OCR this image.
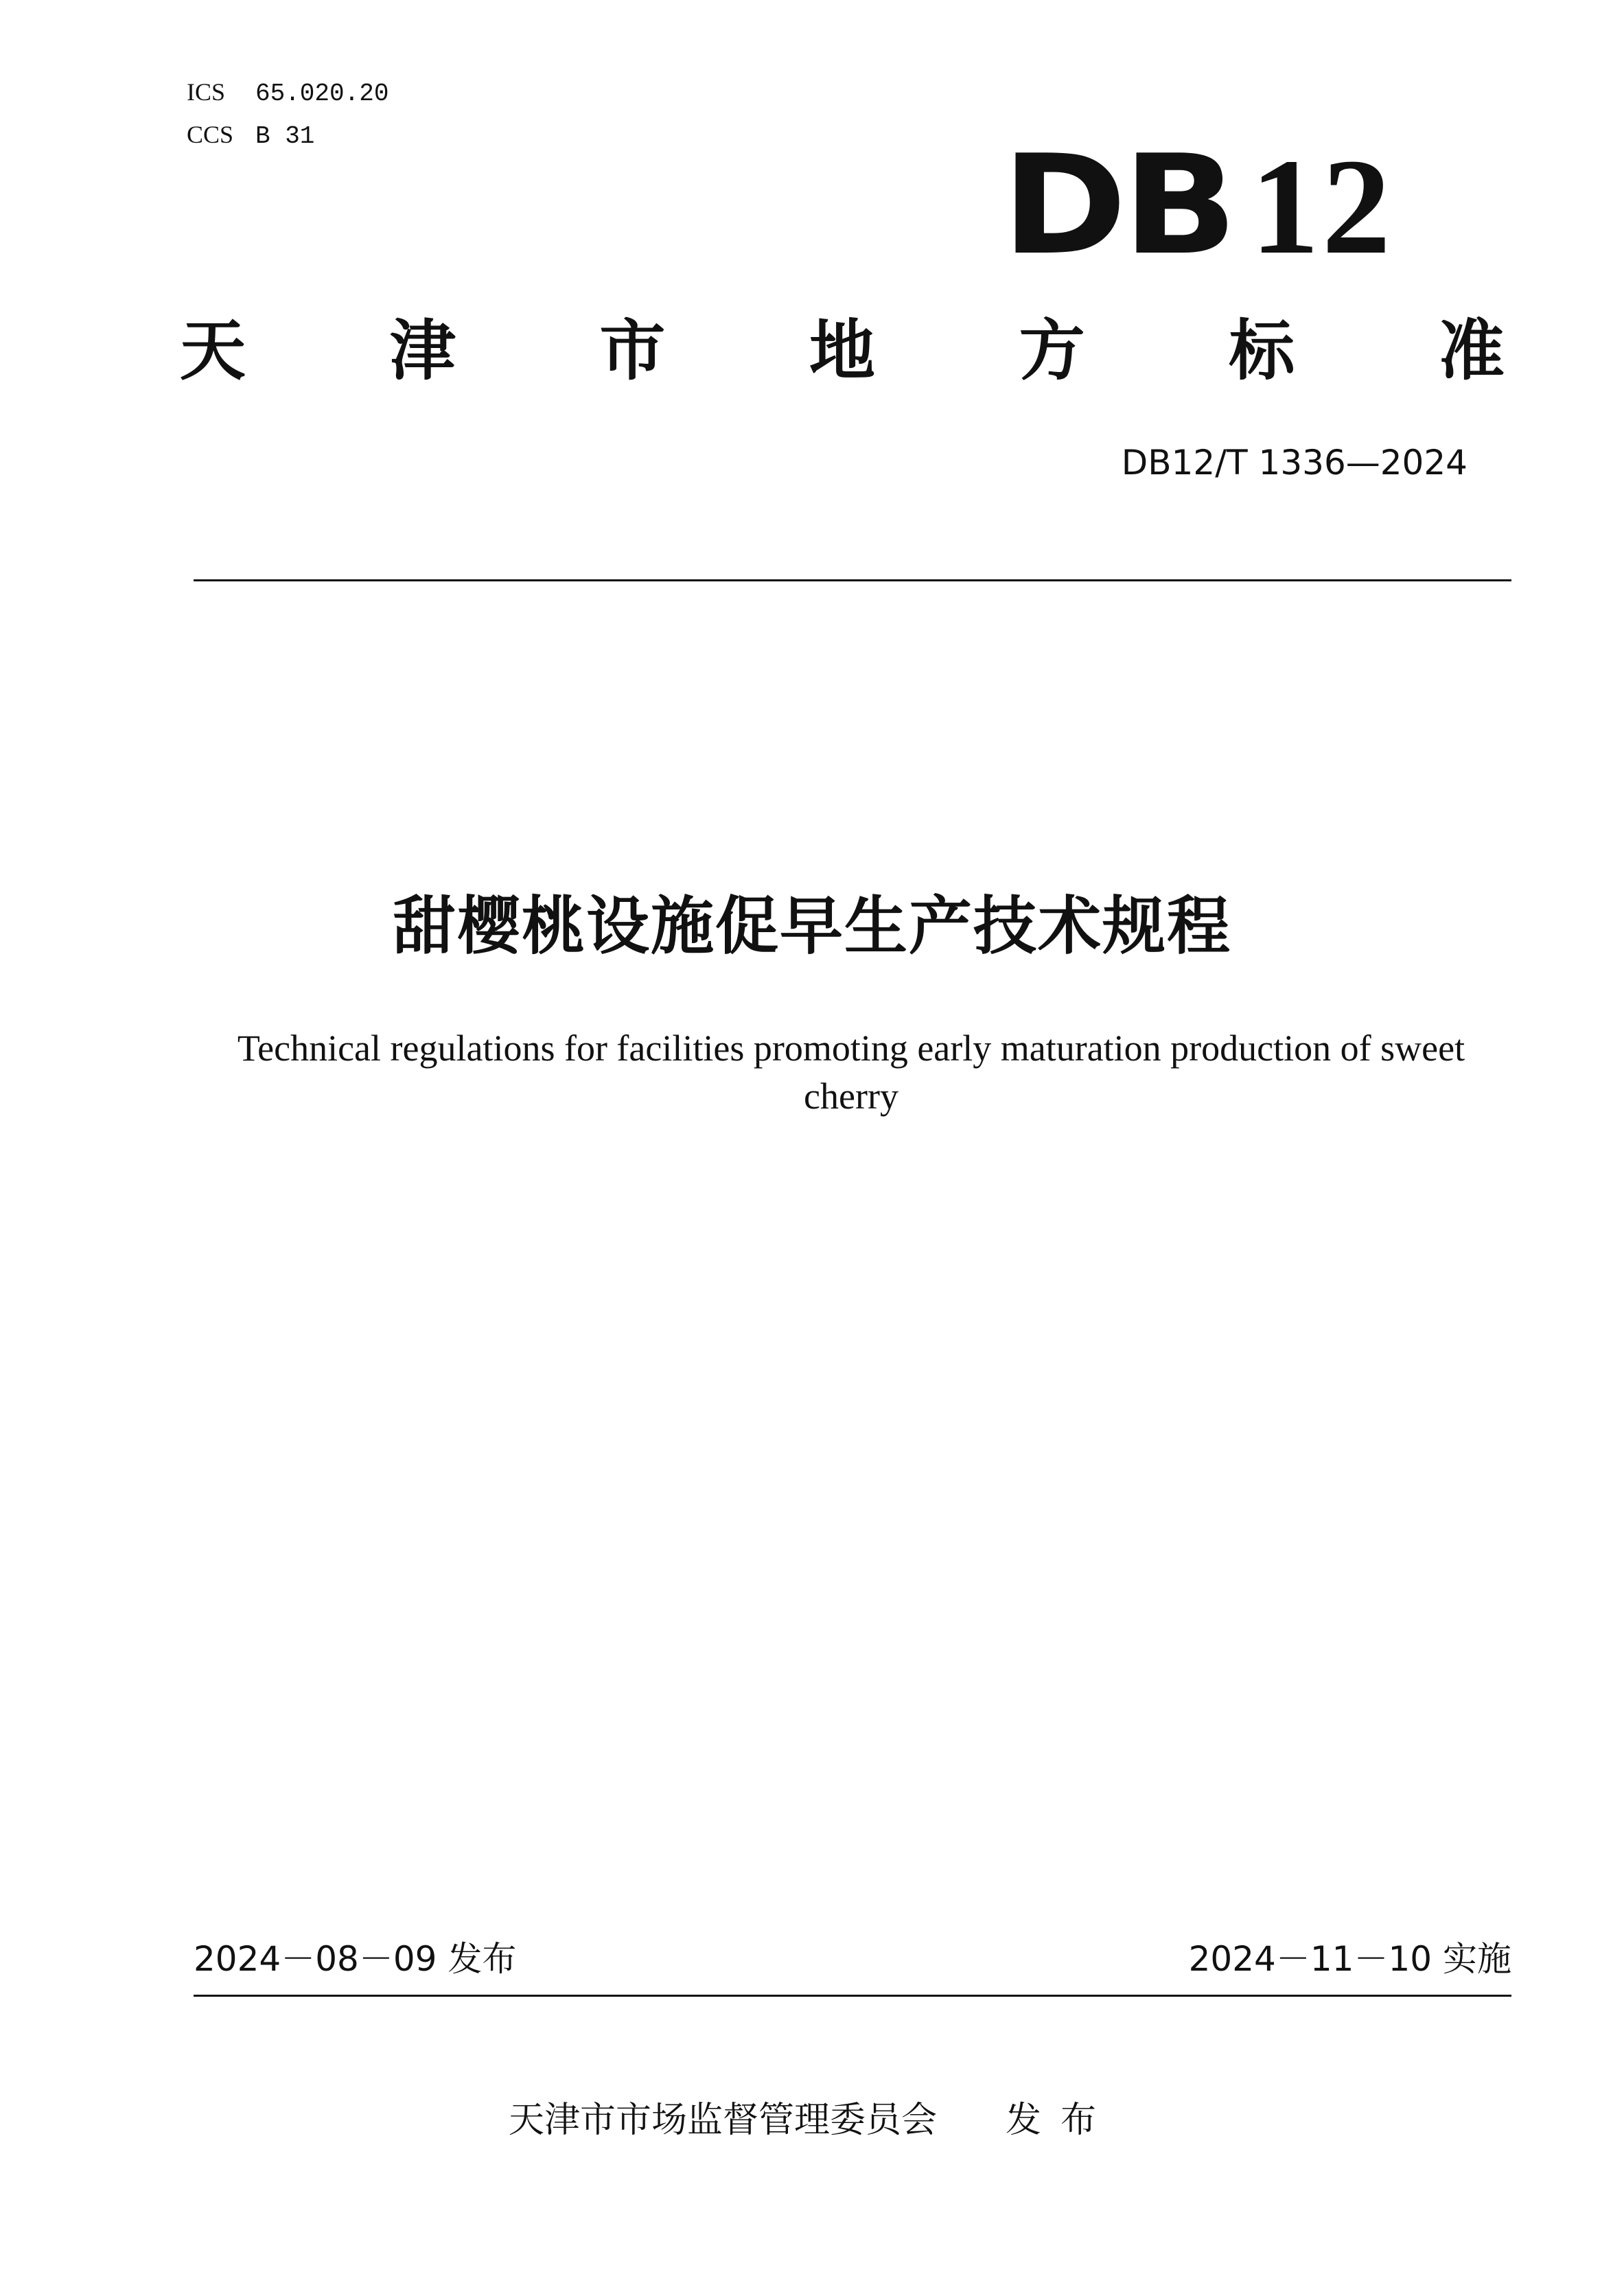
ICS 65.020.20
CCS B 31	DB 12
天 津 市 地 方 标 准
DB12/T 1336—2024
甜樱桃设施促早生产技术规程
Technical regulations for facilities promoting early maturation production of sweet cherry
2024－08－09 发布	2024－11－10 实施
天津市市场监督管理委员会 发布
